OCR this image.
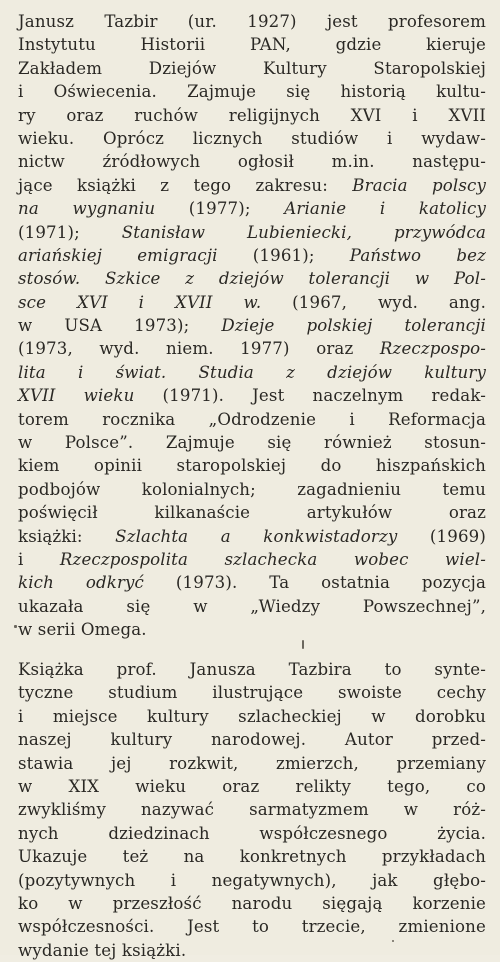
Janusz Tazbir (ur. 1927) jest profesorem
Instytutu Historii PAN, gdzie kieruje
Zakładem Dziejów Kultury Staropolskiej
i Oświecenia. Zajmuje się historią kultu-
ry oraz ruchów religijnych XVI i XVII
wieku. Oprócz licznych studiów i wydaw-
nictw źródłowych ogłosił m.in. następu-
jące książki z tego zakresu: Bracia polscy
na wygnaniu (1977); Arianie i katolicy
(1971); Stanisław Lubieniecki, przywódca
ariańskiej emigracji (1961); Państwo bez
stosów. Szkice z dziejów tolerancji w Pol-
sce XVI i XVII w. (1967, wyd. ang.
w USA 1973); Dzieje polskiej tolerancji
(1973, wyd. niem. 1977) oraz Rzeczpospo-
lita i świat. Studia z dziejów kultury
XVII wieku (1971). Jest naczelnym redak-
torem rocznika „Odrodzenie i Reformacja
w Polsce”. Zajmuje się również stosun-
kiem opinii staropolskiej do hiszpańskich
podbojów kolonialnych; zagadnieniu temu
poświęcił kilkanaście artykułów oraz
książki: Szlachta a konkwistadorzy (1969)
i Rzeczpospolita szlachecka wobec wiel-
kich odkryć (1973). Ta ostatnia pozycja
ukazała się w „Wiedzy Powszechnej”,
w serii Omega.
Książka prof. Janusza Tazbira to synte-
tyczne studium ilustrujące swoiste cechy
i miejsce kultury szlacheckiej w dorobku
naszej kultury narodowej. Autor przed-
stawia jej rozkwit, zmierzch, przemiany
w XIX wieku oraz relikty tego, co
zwykliśmy nazywać sarmatyzmem w róż-
nych dziedzinach współczesnego życia.
Ukazuje też na konkretnych przykładach
(pozytywnych i negatywnych), jak głębo-
ko w przeszłość narodu sięgają korzenie
współczesności. Jest to trzecie, zmienione
wydanie tej książki.
